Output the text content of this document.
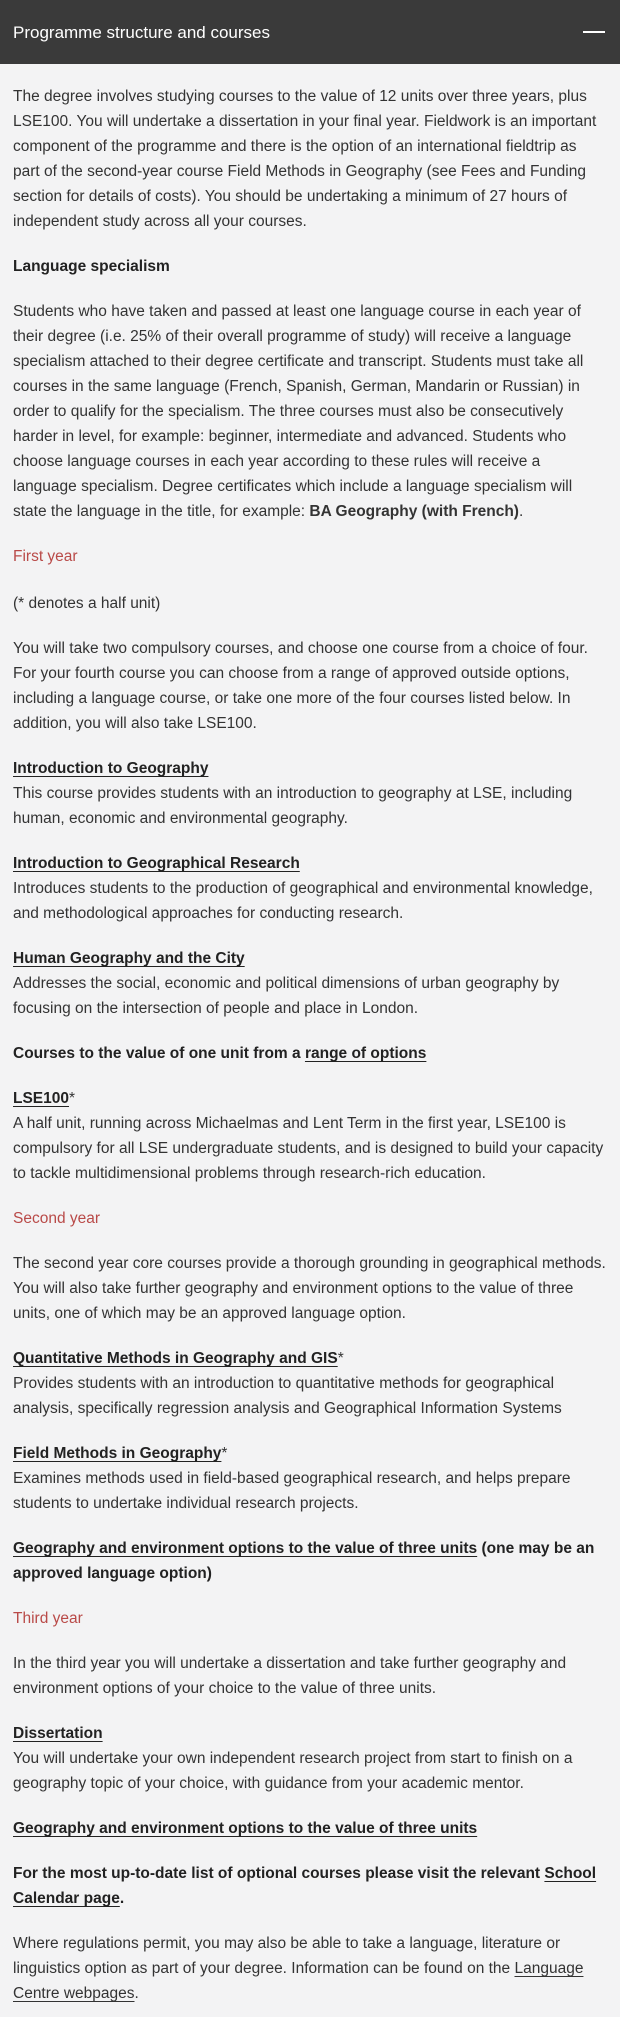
Programme structure and courses

The degree involves studying courses to the value of 12 units over three years, plus LSE100. You will undertake a dissertation in your final year. Fieldwork is an important component of the programme and there is the option of an international fieldtrip as part of the second-year course Field Methods in Geography (see Fees and Funding section for details of costs). You should be undertaking a minimum of 27 hours of independent study across all your courses.

Language specialism

Students who have taken and passed at least one language course in each year of their degree (i.e. 25% of their overall programme of study) will receive a language specialism attached to their degree certificate and transcript. Students must take all courses in the same language (French, Spanish, German, Mandarin or Russian) in order to qualify for the specialism. The three courses must also be consecutively harder in level, for example: beginner, intermediate and advanced. Students who choose language courses in each year according to these rules will receive a language specialism. Degree certificates which include a language specialism will state the language in the title, for example: BA Geography (with French).

First year

(* denotes a half unit)

You will take two compulsory courses, and choose one course from a choice of four. For your fourth course you can choose from a range of approved outside options, including a language course, or take one more of the four courses listed below. In addition, you will also take LSE100.

Introduction to Geography
This course provides students with an introduction to geography at LSE, including human, economic and environmental geography.
Introduction to Geographical Research
Introduces students to the production of geographical and environmental knowledge, and methodological approaches for conducting research.
Human Geography and the City
Addresses the social, economic and political dimensions of urban geography by focusing on the intersection of people and place in London.

Courses to the value of one unit from a range of options

LSE100*
A half unit, running across Michaelmas and Lent Term in the first year, LSE100 is compulsory for all LSE undergraduate students, and is designed to build your capacity to tackle multidimensional problems through research-rich education.
Second year

The second year core courses provide a thorough grounding in geographical methods. You will also take further geography and environment options to the value of three units, one of which may be an approved language option.

Quantitative Methods in Geography and GIS*
Provides students with an introduction to quantitative methods for geographical analysis, specifically regression analysis and Geographical Information Systems
Field Methods in Geography*
Examines methods used in field-based geographical research, and helps prepare students to undertake individual research projects.

Geography and environment options to the value of three units (one may be an approved language option)

Third year

In the third year you will undertake a dissertation and take further geography and environment options of your choice to the value of three units.

Dissertation
You will undertake your own independent research project from start to finish on a geography topic of your choice, with guidance from your academic mentor.

Geography and environment options to the value of three units

For the most up-to-date list of optional courses please visit the relevant School Calendar page.

Where regulations permit, you may also be able to take a language, literature or linguistics option as part of your degree. Information can be found on the Language Centre webpages.
